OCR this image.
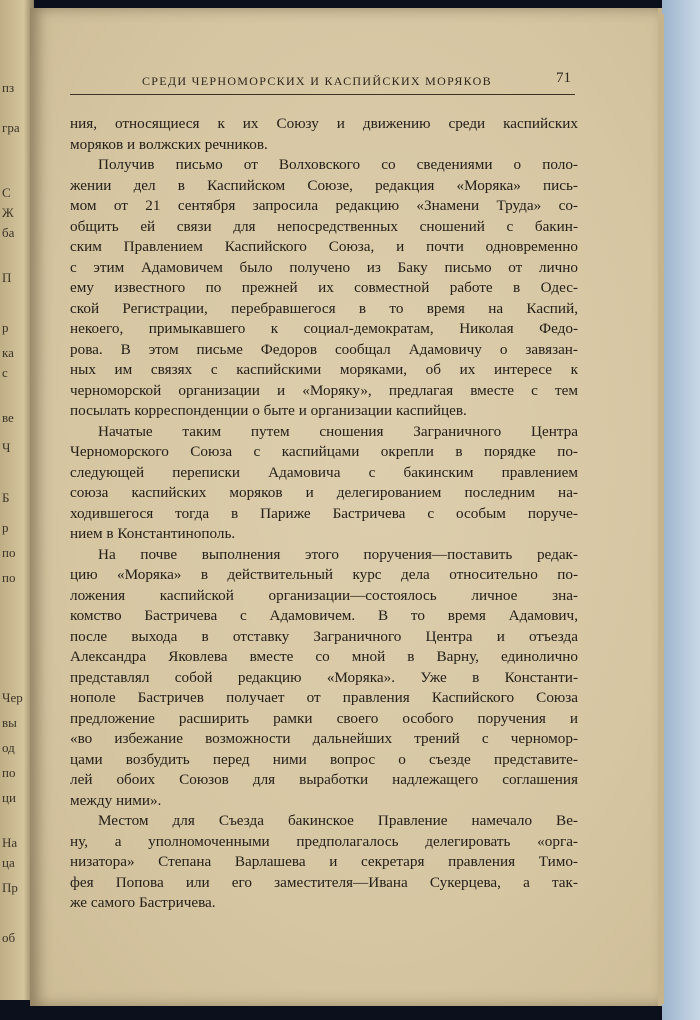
пз
гра
С
Ж
ба
П
р
ка
с
ве
Ч
Б
р
по
по
Чер
вы
од
по
ци
На
ца
Пр
об
СРЕДИ ЧЕРНОМОРСКИХ И КАСПИЙСКИХ МОРЯКОВ	71
ния, относящиеся к их Союзу и движению среди каспийских
моряков и волжских речников.
Получив письмо от Волховского со сведениями о поло-
жении дел в Каспийском Союзе, редакция «Моряка» пись-
мом от 21 сентября запросила редакцию «Знамени Труда» со-
общить ей связи для непосредственных сношений с бакин-
ским Правлением Каспийского Союза, и почти одновременно
с этим Адамовичем было получено из Баку письмо от лично
ему известного по прежней их совместной работе в Одес-
ской Регистрации, перебравшегося в то время на Каспий,
некоего, примыкавшего к социал-демократам, Николая Федо-
рова. В этом письме Федоров сообщал Адамовичу о завязан-
ных им связях с каспийскими моряками, об их интересе к
черноморской организации и «Моряку», предлагая вместе с тем
посылать корреспонденции о быте и организации каспийцев.
Начатые таким путем сношения Заграничного Центра
Черноморского Союза с каспийцами окрепли в порядке по-
следующей переписки Адамовича с бакинским правлением
союза каспийских моряков и делегированием последним на-
ходившегося тогда в Париже Бастричева с особым поруче-
нием в Константинополь.
На почве выполнения этого поручения—поставить редак-
цию «Моряка» в действительный курс дела относительно по-
ложения каспийской организации—состоялось личное зна-
комство Бастричева с Адамовичем. В то время Адамович,
после выхода в отставку Заграничного Центра и отъезда
Александра Яковлева вместе со мной в Варну, единолично
представлял собой редакцию «Моряка». Уже в Константи-
нополе Бастричев получает от правления Каспийского Союза
предложение расширить рамки своего особого поручения и
«во избежание возможности дальнейших трений с черномор-
цами возбудить перед ними вопрос о съезде представите-
лей обоих Союзов для выработки надлежащего соглашения
между ними».
Местом для Съезда бакинское Правление намечало Ве-
ну, а уполномоченными предполагалось делегировать «орга-
низатора» Степана Варлашева и секретаря правления Тимо-
фея Попова или его заместителя—Ивана Сукерцева, а так-
же самого Бастричева.
